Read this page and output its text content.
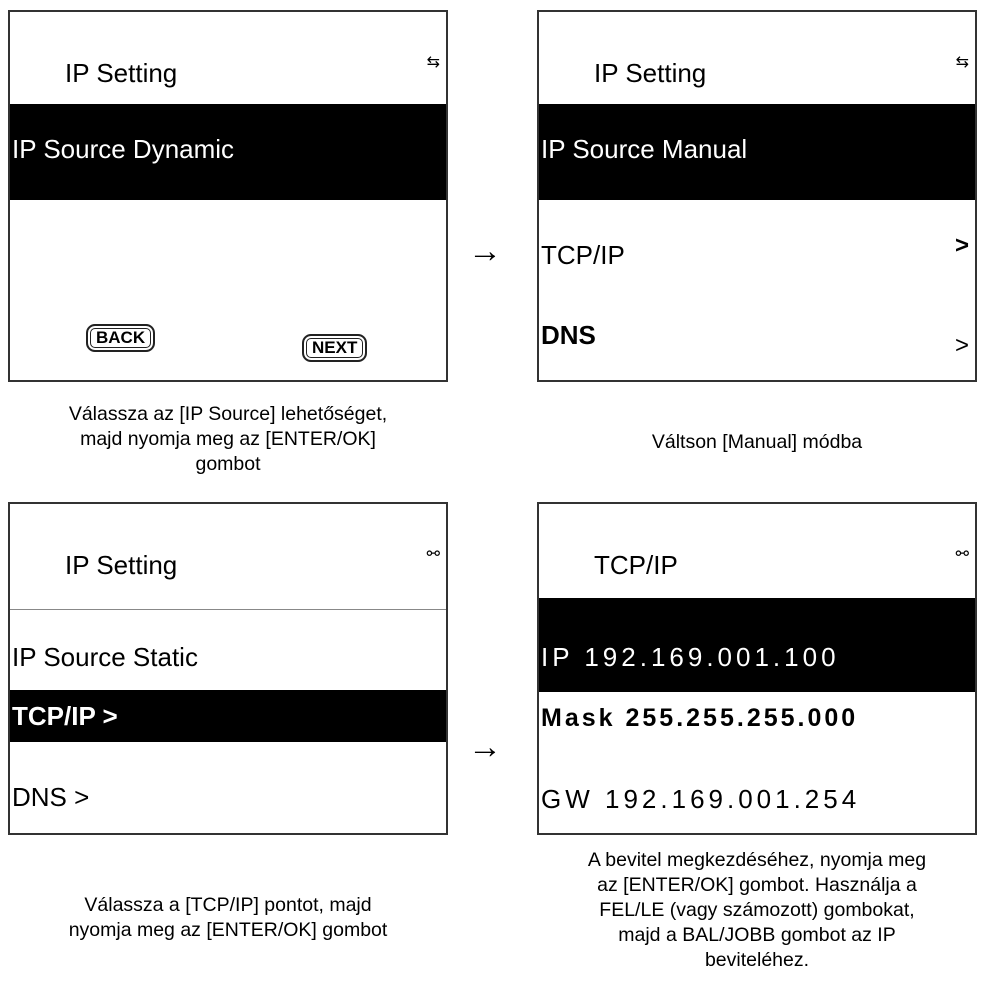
IP Setting	⇆
IP Source Dynamic
BACK
NEXT
IP Setting	⇆
IP Source Manual
TCP/IP	>
DNS	>
→
Válassza az [IP Source] lehetőséget,
majd nyomja meg az [ENTER/OK]
gombot
Váltson [Manual] módba
IP Setting	⚯
IP Source Static
TCP/IP >
DNS >
→
TCP/IP	⚯
IP 192.169.001.100
Mask 255.255.255.000
GW 192.169.001.254
Válassza a [TCP/IP] pontot, majd
nyomja meg az [ENTER/OK] gombot
A bevitel megkezdéséhez, nyomja meg
az [ENTER/OK] gombot. Használja a
FEL/LE (vagy számozott) gombokat,
majd a BAL/JOBB gombot az IP
beviteléhez.
